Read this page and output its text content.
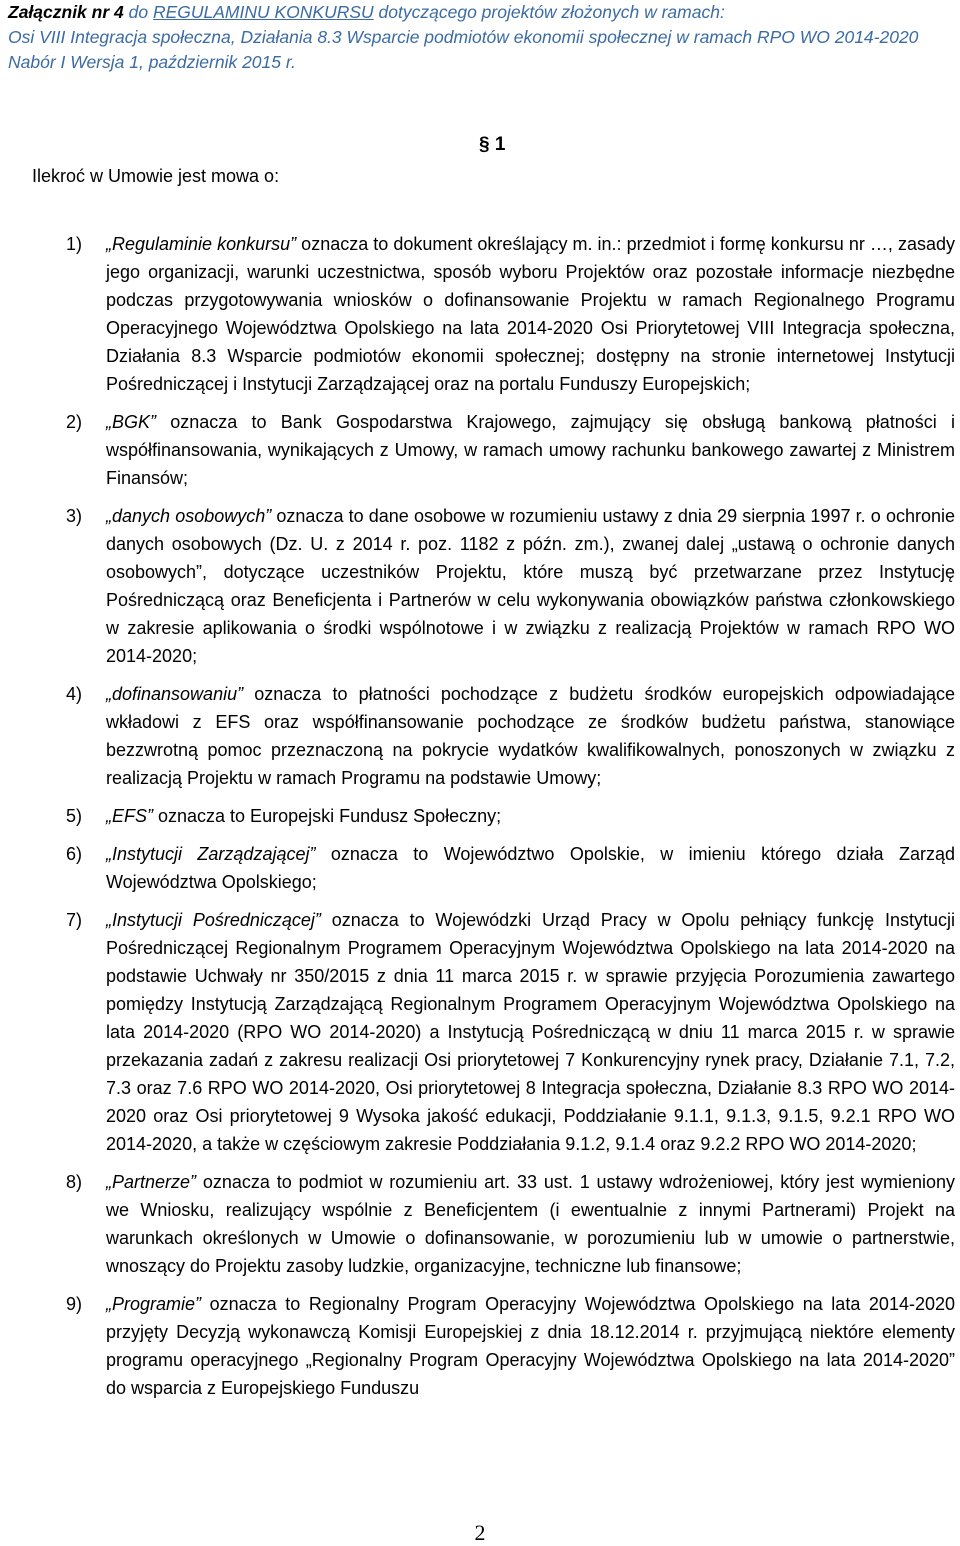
Załącznik nr 4 do REGULAMINU KONKURSU dotyczącego projektów złożonych w ramach:
Osi VIII Integracja społeczna, Działania 8.3 Wsparcie podmiotów ekonomii społecznej w ramach RPO WO 2014-2020
Nabór I Wersja 1, październik 2015 r.
Ilekroć w Umowie jest mowa o:
§ 1
1)	„Regulaminie konkursu” oznacza to dokument określający m. in.: przedmiot i formę konkursu nr …, zasady jego organizacji, warunki uczestnictwa, sposób wyboru Projektów oraz pozostałe informacje niezbędne podczas przygotowywania wniosków o dofinansowanie Projektu w ramach Regionalnego Programu Operacyjnego Województwa Opolskiego na lata 2014-2020 Osi Priorytetowej VIII Integracja społeczna, Działania 8.3 Wsparcie podmiotów ekonomii społecznej; dostępny na stronie internetowej Instytucji Pośredniczącej i Instytucji Zarządzającej oraz na portalu Funduszy Europejskich;
2)	„BGK” oznacza to Bank Gospodarstwa Krajowego, zajmujący się obsługą bankową płatności i współfinansowania, wynikających z Umowy, w ramach umowy rachunku bankowego zawartej z Ministrem Finansów;
3)	„danych osobowych” oznacza to dane osobowe w rozumieniu ustawy z dnia 29 sierpnia 1997 r. o ochronie danych osobowych (Dz. U. z 2014 r. poz. 1182 z późn. zm.), zwanej dalej „ustawą o ochronie danych osobowych”, dotyczące uczestników Projektu, które muszą być przetwarzane przez Instytucję Pośredniczącą oraz Beneficjenta i Partnerów w celu wykonywania obowiązków państwa członkowskiego w zakresie aplikowania o środki wspólnotowe i w związku z realizacją Projektów w ramach RPO WO 2014-2020;
4)	„dofinansowaniu” oznacza to płatności pochodzące z budżetu środków europejskich odpowiadające wkładowi z EFS oraz współfinansowanie pochodzące ze środków budżetu państwa, stanowiące bezzwrotną pomoc przeznaczoną na pokrycie wydatków kwalifikowalnych, ponoszonych w związku z realizacją Projektu w ramach Programu na podstawie Umowy;
5)	„EFS” oznacza to Europejski Fundusz Społeczny;
6)	„Instytucji Zarządzającej” oznacza to Województwo Opolskie, w imieniu którego działa Zarząd Województwa Opolskiego;
7)	„Instytucji Pośredniczącej” oznacza to Wojewódzki Urząd Pracy w Opolu pełniący funkcję Instytucji Pośredniczącej Regionalnym Programem Operacyjnym Województwa Opolskiego na lata 2014-2020 na podstawie Uchwały nr 350/2015 z dnia 11 marca 2015 r. w sprawie przyjęcia Porozumienia zawartego pomiędzy Instytucją Zarządzającą Regionalnym Programem Operacyjnym Województwa Opolskiego na lata 2014-2020 (RPO WO 2014-2020) a Instytucją Pośredniczącą w dniu 11 marca 2015 r. w sprawie przekazania zadań z zakresu realizacji Osi priorytetowej 7 Konkurencyjny rynek pracy, Działanie 7.1, 7.2, 7.3 oraz 7.6 RPO WO 2014-2020, Osi priorytetowej 8 Integracja społeczna, Działanie 8.3 RPO WO 2014-2020 oraz Osi priorytetowej 9 Wysoka jakość edukacji, Poddziałanie 9.1.1, 9.1.3, 9.1.5, 9.2.1 RPO WO 2014-2020, a także w częściowym zakresie Poddziałania 9.1.2, 9.1.4 oraz 9.2.2 RPO WO 2014-2020;
8)	„Partnerze” oznacza to podmiot w rozumieniu art. 33 ust. 1 ustawy wdrożeniowej, który jest wymieniony we Wniosku, realizujący wspólnie z Beneficjentem (i ewentualnie z innymi Partnerami) Projekt na warunkach określonych w Umowie o dofinansowanie, w porozumieniu lub w umowie o partnerstwie, wnoszący do Projektu zasoby ludzkie, organizacyjne, techniczne lub finansowe;
9)	„Programie” oznacza to Regionalny Program Operacyjny Województwa Opolskiego na lata 2014-2020 przyjęty Decyzją wykonawczą Komisji Europejskiej z dnia 18.12.2014 r. przyjmującą niektóre elementy programu operacyjnego „Regionalny Program Operacyjny Województwa Opolskiego na lata 2014-2020” do wsparcia z Europejskiego Funduszu
2
